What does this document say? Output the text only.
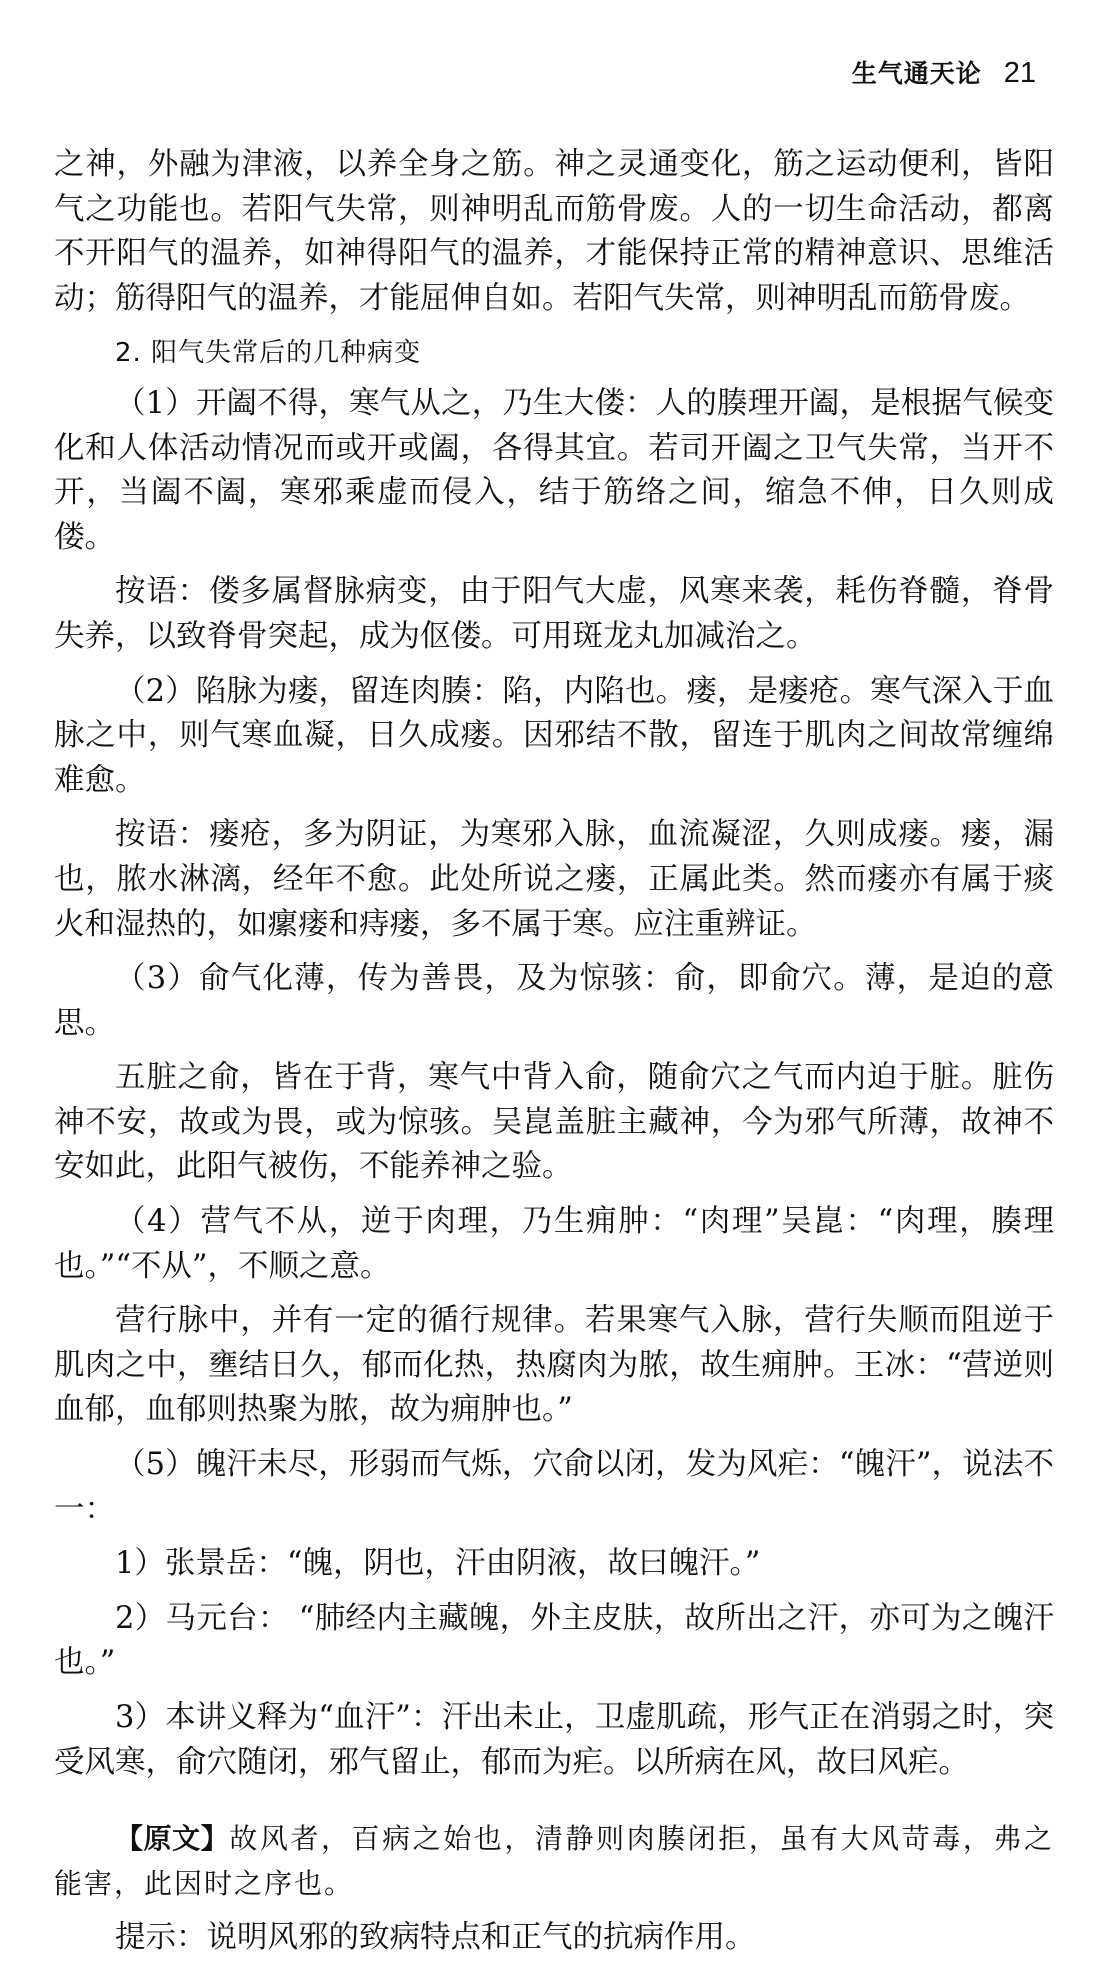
生气通天论 21

之神，外融为津液，以养全身之筋。神之灵通变化，筋之运动便利，皆阳气之功能也。若阳气失常，则神明乱而筋骨废。人的一切生命活动，都离不开阳气的温养，如神得阳气的温养，才能保持正常的精神意识、思维活动；筋得阳气的温养，才能屈伸自如。若阳气失常，则神明乱而筋骨废。

2. 阳气失常后的几种病变

（1）开阖不得，寒气从之，乃生大偻：人的腠理开阖，是根据气候变化和人体活动情况而或开或阖，各得其宜。若司开阖之卫气失常，当开不开，当阖不阖，寒邪乘虚而侵入，结于筋络之间，缩急不伸，日久则成偻。

按语：偻多属督脉病变，由于阳气大虚，风寒来袭，耗伤脊髓，脊骨失养，以致脊骨突起，成为伛偻。可用斑龙丸加减治之。

（2）陷脉为瘘，留连肉腠：陷，内陷也。瘘，是瘘疮。寒气深入于血脉之中，则气寒血凝，日久成瘘。因邪结不散，留连于肌肉之间故常缠绵难愈。

按语：瘘疮，多为阴证，为寒邪入脉，血流凝涩，久则成瘘。瘘，漏也，脓水淋漓，经年不愈。此处所说之瘘，正属此类。然而瘘亦有属于痰火和湿热的，如瘰瘘和痔瘘，多不属于寒。应注重辨证。

（3）俞气化薄，传为善畏，及为惊骇：俞，即俞穴。薄，是迫的意思。

五脏之俞，皆在于背，寒气中背入俞，随俞穴之气而内迫于脏。脏伤神不安，故或为畏，或为惊骇。吴崑盖脏主藏神，今为邪气所薄，故神不安如此，此阳气被伤，不能养神之验。

（4）营气不从，逆于肉理，乃生痈肿：“肉理”吴崑：“肉理，腠理也。”“不从”，不顺之意。

营行脉中，并有一定的循行规律。若果寒气入脉，营行失顺而阻逆于肌肉之中，壅结日久，郁而化热，热腐肉为脓，故生痈肿。王冰：“营逆则血郁，血郁则热聚为脓，故为痈肿也。”

（5）魄汗未尽，形弱而气烁，穴俞以闭，发为风疟：“魄汗”，说法不一：

1）张景岳：“魄，阴也，汗由阴液，故曰魄汗。”

2）马元台： “肺经内主藏魄，外主皮肤，故所出之汗，亦可为之魄汗也。”

3）本讲义释为“血汗”：汗出未止，卫虚肌疏，形气正在消弱之时，突受风寒，俞穴随闭，邪气留止，郁而为疟。以所病在风，故曰风疟。

【原文】故风者，百病之始也，清静则肉腠闭拒，虽有大风苛毒，弗之能害，此因时之序也。

提示：说明风邪的致病特点和正气的抗病作用。
